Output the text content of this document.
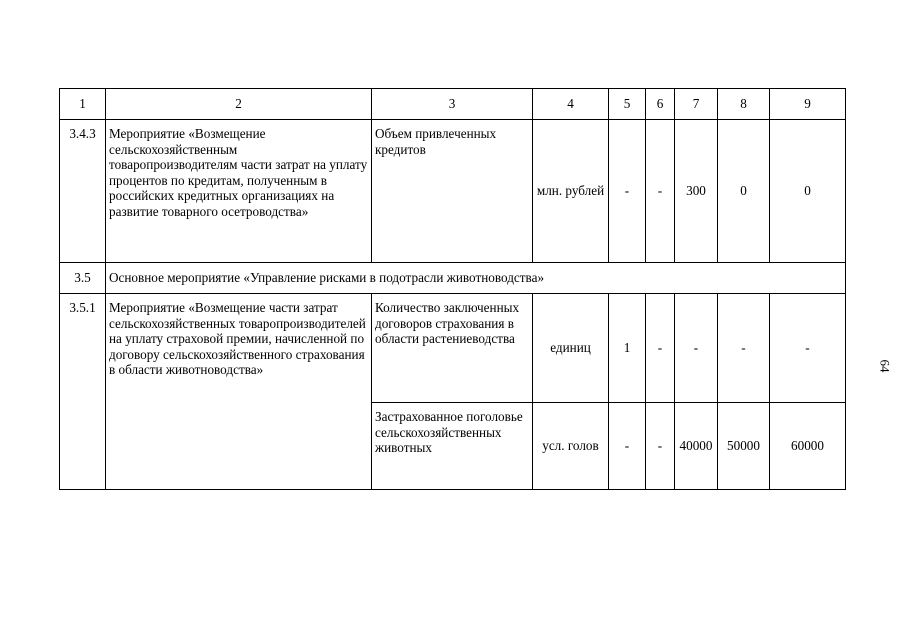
1	2	3	4	5	6	7	8	9
3.4.3	Мероприятие «Возмещение сельскохозяйственным товаропроизводителям части затрат на уплату процентов по кредитам, полученным в российских кредитных организациях на развитие товарного осетроводства»	Объем привлеченных кредитов	млн. рублей	-	-	300	0	0
3.5	Основное мероприятие «Управление рисками в подотрасли животноводства»							
3.5.1	Мероприятие «Возмещение части затрат сельскохозяйственных товаропроизводителей на уплату страховой премии, начисленной по договору сельскохозяйственного страхования в области животноводства»	Количество заключенных договоров страхования в области растениеводства	единиц	1	-	-	-	-
		Застрахованное поголовье сельскохозяйственных животных	усл. голов	-	-	40000	50000	60000
64
